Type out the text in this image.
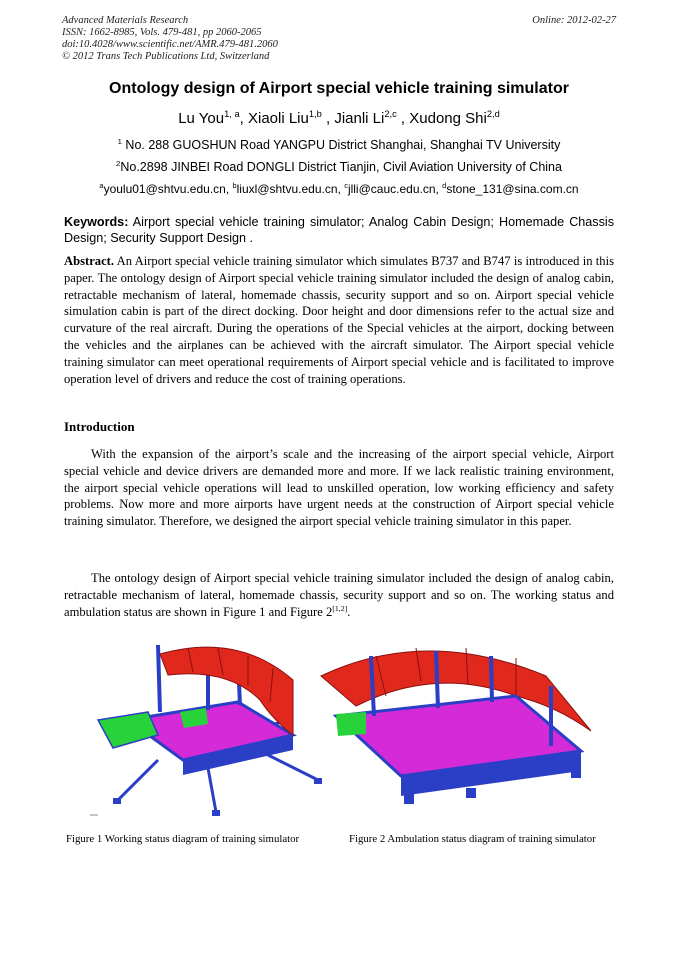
Advanced Materials Research
ISSN: 1662-8985, Vols. 479-481, pp 2060-2065
doi:10.4028/www.scientific.net/AMR.479-481.2060
© 2012 Trans Tech Publications Ltd, Switzerland
Online: 2012-02-27
Ontology design of Airport special vehicle training simulator
Lu You$^{1, a}$, Xiaoli Liu$^{1,b}$ , Jianli Li$^{2,c}$ , Xudong Shi$^{2,d}$
$^1$ No. 288 GUOSHUN Road YANGPU District Shanghai, Shanghai TV University
$^2$No.2898 JINBEI Road DONGLI District Tianjin, Civil Aviation University of China
$^a$youlu01@shtvu.edu.cn, $^b$liuxl@shtvu.edu.cn, $^c$jlli@cauc.edu.cn, $^d$stone_131@sina.com.cn
Keywords: Airport special vehicle training simulator; Analog Cabin Design; Homemade Chassis Design; Security Support Design .
Abstract. An Airport special vehicle training simulator which simulates B737 and B747 is introduced in this paper. The ontology design of Airport special vehicle training simulator included the design of analog cabin, retractable mechanism of lateral, homemade chassis, security support and so on. Airport special vehicle simulation cabin is part of the direct docking. Door height and door dimensions refer to the actual size and curvature of the real aircraft. During the operations of the Special vehicles at the airport, docking between the vehicles and the airplanes can be achieved with the aircraft simulator. The Airport special vehicle training simulator can meet operational requirements of Airport special vehicle and is facilitated to improve operation level of drivers and reduce the cost of training operations.
Introduction
With the expansion of the airport’s scale and the increasing of the airport special vehicle, Airport special vehicle and device drivers are demanded more and more. If we lack realistic training environment, the airport special vehicle operations will lead to unskilled operation, low working efficiency and safety problems. Now more and more airports have urgent needs at the construction of Airport special vehicle training simulator. Therefore, we designed the airport special vehicle training simulator in this paper.
The ontology design of Airport special vehicle training simulator included the design of analog cabin, retractable mechanism of lateral, homemade chassis, security support and so on. The working status and ambulation status are shown in Figure 1 and Figure 2[1,2].
Figure 1 Working status diagram of training simulator	Figure 2 Ambulation status diagram of training simulator
